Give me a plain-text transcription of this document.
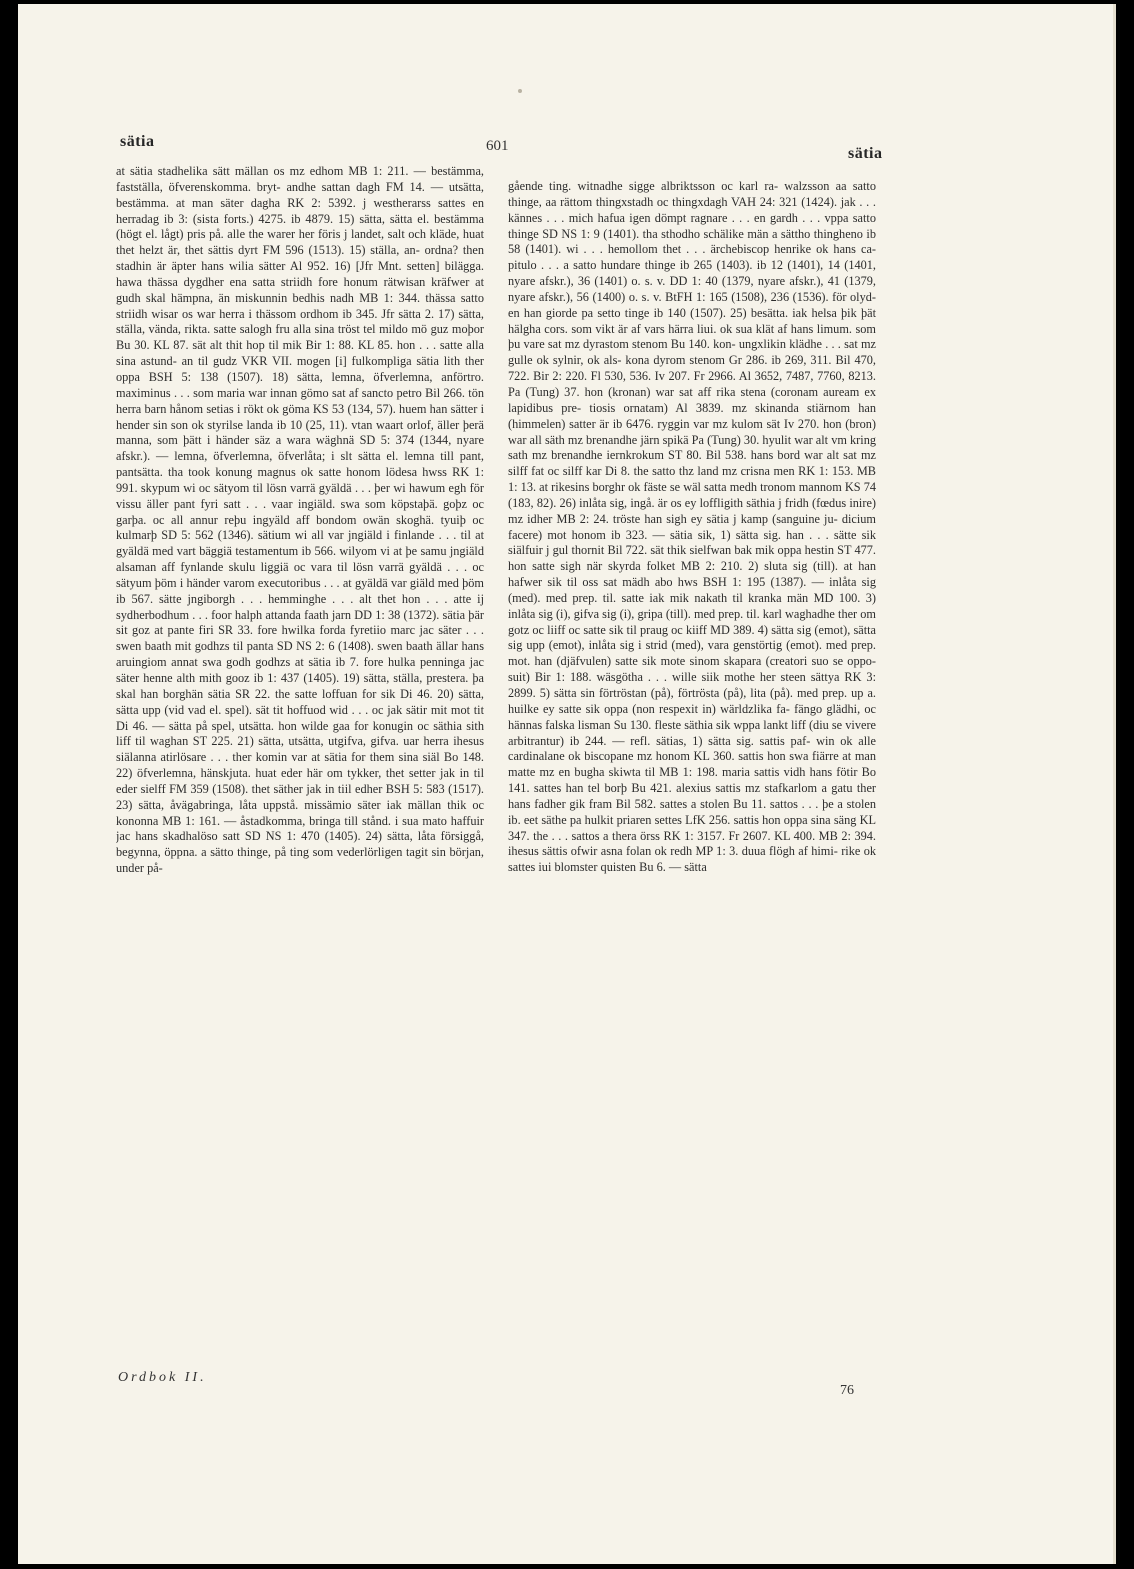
sätia	601	sätia

at sätia stadhelika sätt mällan os mz edhom MB 1: 211. — bestämma, fastställa, öfverenskomma. bryt- andhe sattan dagh FM 14. — utsätta, bestämma. at man säter dagha RK 2: 5392. j westherarss sattes en herradag ib 3: (sista forts.) 4275. ib 4879. 15) sätta, sätta el. bestämma (högt el. lågt) pris på. alle the warer her föris j landet, salt och kläde, huat thet helzt är, thet sättis dyrt FM 596 (1513). 15) ställa, an- ordna? then stadhin är äpter hans wilia sätter Al 952. 16) [Jfr Mnt. setten] bilägga. hawa thässa dygdher ena satta striidh fore honum rätwisan kräfwer at gudh skal hämpna, än miskunnin bedhis nadh MB 1: 344. thässa satto striidh wisar os war herra i thässom ordhom ib 345. Jfr sätta 2. 17) sätta, ställa, vända, rikta. satte salogh fru alla sina tröst tel mildo mö guz moþor Bu 30. KL 87. sät alt thit hop til mik Bir 1: 88. KL 85. hon . . . satte alla sina astund- an til gudz VKR VII. mogen [i] fulkompliga sätia lith ther oppa BSH 5: 138 (1507). 18) sätta, lemna, öfverlemna, anförtro. maximinus . . . som maria war innan gömo sat af sancto petro Bil 266. tön herra barn hånom setias i rökt ok göma KS 53 (134, 57). huem han sätter i hender sin son ok styrilse landa ib 10 (25, 11). vtan waart orlof, äller þerä manna, som þätt i händer säz a wara wäghnä SD 5: 374 (1344, nyare afskr.). — lemna, öfverlemna, öfverlåta; i slt sätta el. lemna till pant, pantsätta. tha took konung magnus ok satte honom lödesa hwss RK 1: 991. skypum wi oc sätyom til lösn varrä gyäldä . . . þer wi hawum egh för vissu äller pant fyri satt . . . vaar ingiäld. swa som köpstaþä. goþz oc garþa. oc all annur reþu ingyäld aff bondom owän skoghä. tyuiþ oc kulmarþ SD 5: 562 (1346). sätium wi all var jngiäld i finlande . . . til at gyäldä med vart bäggiä testamentum ib 566. wilyom vi at þe samu jngiäld alsaman aff fynlande skulu liggiä oc vara til lösn varrä gyäldä . . . oc sätyum þöm i händer varom executoribus . . . at gyäldä var giäld med þöm ib 567. sätte jngiborgh . . . hemminghe . . . alt thet hon . . . atte ij sydherbodhum . . . foor halph attanda faath jarn DD 1: 38 (1372). sätia þär sit goz at pante firi SR 33. fore hwilka forda fyretiio marc jac säter . . . swen baath mit godhzs til panta SD NS 2: 6 (1408). swen baath ällar hans aruingiom annat swa godh godhzs at sätia ib 7. fore hulka penninga jac säter henne alth mith gooz ib 1: 437 (1405). 19) sätta, ställa, prestera. þa skal han borghän sätia SR 22. the satte loffuan for sik Di 46. 20) sätta, sätta upp (vid vad el. spel). sät tit hoffuod wid . . . oc jak sätir mit mot tit Di 46. — sätta på spel, utsätta. hon wilde gaa for konugin oc säthia sith liff til waghan ST 225. 21) sätta, utsätta, utgifva, gifva. uar herra ihesus siälanna atirlösare . . . ther komin var at sätia for them sina siäl Bo 148. 22) öfverlemna, hänskjuta. huat eder här om tykker, thet setter jak in til eder sielff FM 359 (1508). thet säther jak in tiil edher BSH 5: 583 (1517). 23) sätta, åvägabringa, låta uppstå. missämio säter iak mällan thik oc kononna MB 1: 161. — åstadkomma, bringa till stånd. i sua mato haffuir jac hans skadhalöso satt SD NS 1: 470 (1405). 24) sätta, låta försiggå, begynna, öppna. a sätto thinge, på ting som vederlörligen tagit sin början, under på-

gående ting. witnadhe sigge albriktsson oc karl ra- walzsson aa satto thinge, aa rättom thingxstadh oc thingxdagh VAH 24: 321 (1424). jak . . . kännes . . . mich hafua igen dömpt ragnare . . . en gardh . . . vppa satto thinge SD NS 1: 9 (1401). tha sthodho schälike män a sättho thingheno ib 58 (1401). wi . . . hemollom thet . . . ärchebiscop henrike ok hans ca- pitulo . . . a satto hundare thinge ib 265 (1403). ib 12 (1401), 14 (1401, nyare afskr.), 36 (1401) o. s. v. DD 1: 40 (1379, nyare afskr.), 41 (1379, nyare afskr.), 56 (1400) o. s. v. BtFH 1: 165 (1508), 236 (1536). för olyd- en han giorde pa setto tinge ib 140 (1507). 25) besätta. iak helsa þik þät hälgha cors. som vikt är af vars härra liui. ok sua klät af hans limum. som þu vare sat mz dyrastom stenom Bu 140. kon- ungxlikin klädhe . . . sat mz gulle ok sylnir, ok als- kona dyrom stenom Gr 286. ib 269, 311. Bil 470, 722. Bir 2: 220. Fl 530, 536. Iv 207. Fr 2966. Al 3652, 7487, 7760, 8213. Pa (Tung) 37. hon (kronan) war sat aff rika stena (coronam auream ex lapidibus pre- tiosis ornatam) Al 3839. mz skinanda stiärnom han (himmelen) satter är ib 6476. ryggin var mz kulom sät Iv 270. hon (bron) war all säth mz brenandhe järn spikä Pa (Tung) 30. hyulit war alt vm kring sath mz brenandhe iernkrokum ST 80. Bil 538. hans bord war alt sat mz silff fat oc silff kar Di 8. the satto thz land mz crisna men RK 1: 153. MB 1: 13. at rikesins borghr ok fäste se wäl satta medh tronom mannom KS 74 (183, 82). 26) inlåta sig, ingå. är os ey loffligith säthia j fridh (fœdus inire) mz idher MB 2: 24. tröste han sigh ey sätia j kamp (sanguine ju- dicium facere) mot honom ib 323. — sätia sik, 1) sätta sig. han . . . sätte sik siälfuir j gul thornit Bil 722. sät thik sielfwan bak mik oppa hestin ST 477. hon satte sigh när skyrda folket MB 2: 210. 2) sluta sig (till). at han hafwer sik til oss sat mädh abo hws BSH 1: 195 (1387). — inlåta sig (med). med prep. til. satte iak mik nakath til kranka män MD 100. 3) inlåta sig (i), gifva sig (i), gripa (till). med prep. til. karl waghadhe ther om gotz oc liiff oc satte sik til praug oc kiiff MD 389. 4) sätta sig (emot), sätta sig upp (emot), inlåta sig i strid (med), vara genstörtig (emot). med prep. mot. han (djäfvulen) satte sik mote sinom skapara (creatori suo se oppo- suit) Bir 1: 188. wäsgötha . . . wille siik mothe her steen sättya RK 3: 2899. 5) sätta sin förtröstan (på), förtrösta (på), lita (på). med prep. up a. huilke ey satte sik oppa (non respexit in) wärldzlika fa- fängo glädhi, oc hännas falska lisman Su 130. fleste säthia sik wppa lankt liff (diu se vivere arbitrantur) ib 244. — refl. sätias, 1) sätta sig. sattis paf- win ok alle cardinalane ok biscopane mz honom KL 360. sattis hon swa fiärre at man matte mz en bugha skiwta til MB 1: 198. maria sattis vidh hans fötir Bo 141. sattes han tel borþ Bu 421. alexius sattis mz stafkarlom a gatu ther hans fadher gik fram Bil 582. sattes a stolen Bu 11. sattos . . . þe a stolen ib. eet säthe pa hulkit priaren settes LfK 256. sattis hon oppa sina säng KL 347. the . . . sattos a thera örss RK 1: 3157. Fr 2607. KL 400. MB 2: 394. ihesus sättis ofwir asna folan ok redh MP 1: 3. duua flögh af himi- rike ok sattes iui blomster quisten Bu 6. — sätta

Ordbok II.
76
